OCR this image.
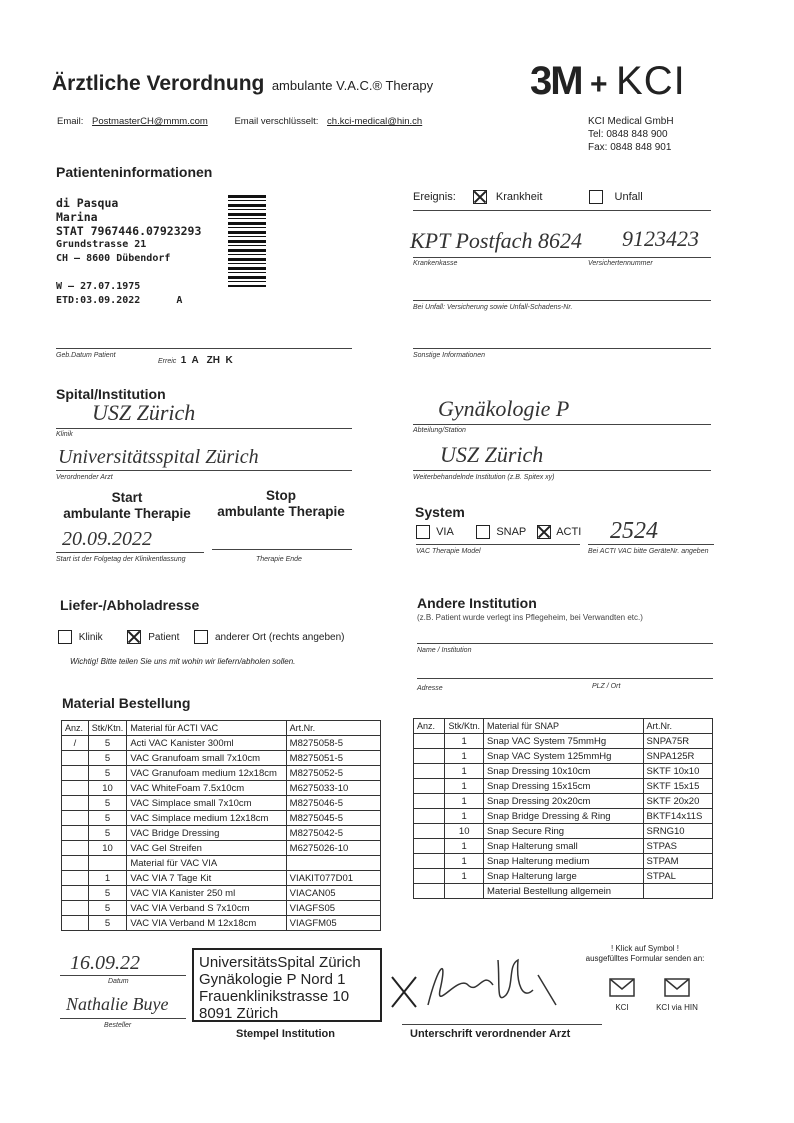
Ärztliche Verordnung ambulante V.A.C.® Therapy
Email: PostmasterCH@mmm.com	Email verschlüsselt: ch.kci-medical@hin.ch
3M + KCI
KCI Medical GmbH
Tel: 0848 848 900
Fax: 0848 848 901
Patienteninformationen
di Pasqua
Marina
STAT 7967446.07923293
Grundstrasse 21
CH – 8600 Dübendorf
W – 27.07.1975
ETD:03.09.2022      A
Geb.Datum Patient
Erreic 1  A   ZH  K
Ereignis:	Krankheit	Unfall
KPT Postfach 8624 9123423
Krankenkasse	Versichertennummer
Bei Unfall: Versicherung sowie Unfall-Schadens-Nr.
Sonstige Informationen
Spital/Institution
USZ Zürich
Klinik
Universitätsspital Zürich
Verordnender Arzt
Gynäkologie P
Abteilung/Station
USZ Zürich
Weiterbehandelnde Institution (z.B. Spitex xy)
Start
ambulante Therapie
Stop
ambulante Therapie
20.09.2022
Start ist der Folgetag der Klinikentlassung	Therapie Ende
System
VIA	SNAP	ACTI 2524
VAC Therapie Model	Bei ACTI VAC bitte GeräteNr. angeben
Liefer-/Abholadresse
Klinik	Patient	anderer Ort (rechts angeben)
Wichtig! Bitte teilen Sie uns mit wohin wir liefern/abholen sollen.
Andere Institution
(z.B. Patient wurde verlegt ins Pflegeheim, bei Verwandten etc.)
Name / Institution
Adresse	PLZ / Ort
Material Bestellung
Anz.	Stk/Ktn.	Material für ACTI VAC	Art.Nr.
/	5	Acti VAC Kanister 300ml	M8275058-5
	5	VAC Granufoam small 7x10cm	M8275051-5
	5	VAC Granufoam medium 12x18cm	M8275052-5
	10	VAC WhiteFoam 7.5x10cm	M6275033-10
	5	VAC Simplace small 7x10cm	M8275046-5
	5	VAC Simplace medium 12x18cm	M8275045-5
	5	VAC Bridge Dressing	M8275042-5
	10	VAC Gel Streifen	M6275026-10
		Material für VAC VIA	
	1	VAC VIA 7 Tage Kit	VIAKIT077D01
	5	VAC VIA Kanister 250 ml	VIACAN05
	5	VAC VIA Verband S 7x10cm	VIAGFS05
	5	VAC VIA Verband M 12x18cm	VIAGFM05
Anz.	Stk/Ktn.	Material für SNAP	Art.Nr.
	1	Snap VAC System 75mmHg	SNPA75R
	1	Snap VAC System 125mmHg	SNPA125R
	1	Snap Dressing 10x10cm	SKTF 10x10
	1	Snap Dressing 15x15cm	SKTF 15x15
	1	Snap Dressing 20x20cm	SKTF 20x20
	1	Snap Bridge Dressing & Ring	BKTF14x11S
	10	Snap Secure Ring	SRNG10
	1	Snap Halterung small	STPAS
	1	Snap Halterung medium	STPAM
	1	Snap Halterung large	STPAL
		Material Bestellung allgemein	
16.09.22
Datum
Nathalie Buye
Besteller
UniversitätsSpital Zürich
Gynäkologie P Nord 1
Frauenklinikstrasse 10
8091 Zürich
Stempel Institution	Unterschrift verordnender Arzt
! Klick auf Symbol !
ausgefülltes Formular senden an:
KCI	KCI via HIN
